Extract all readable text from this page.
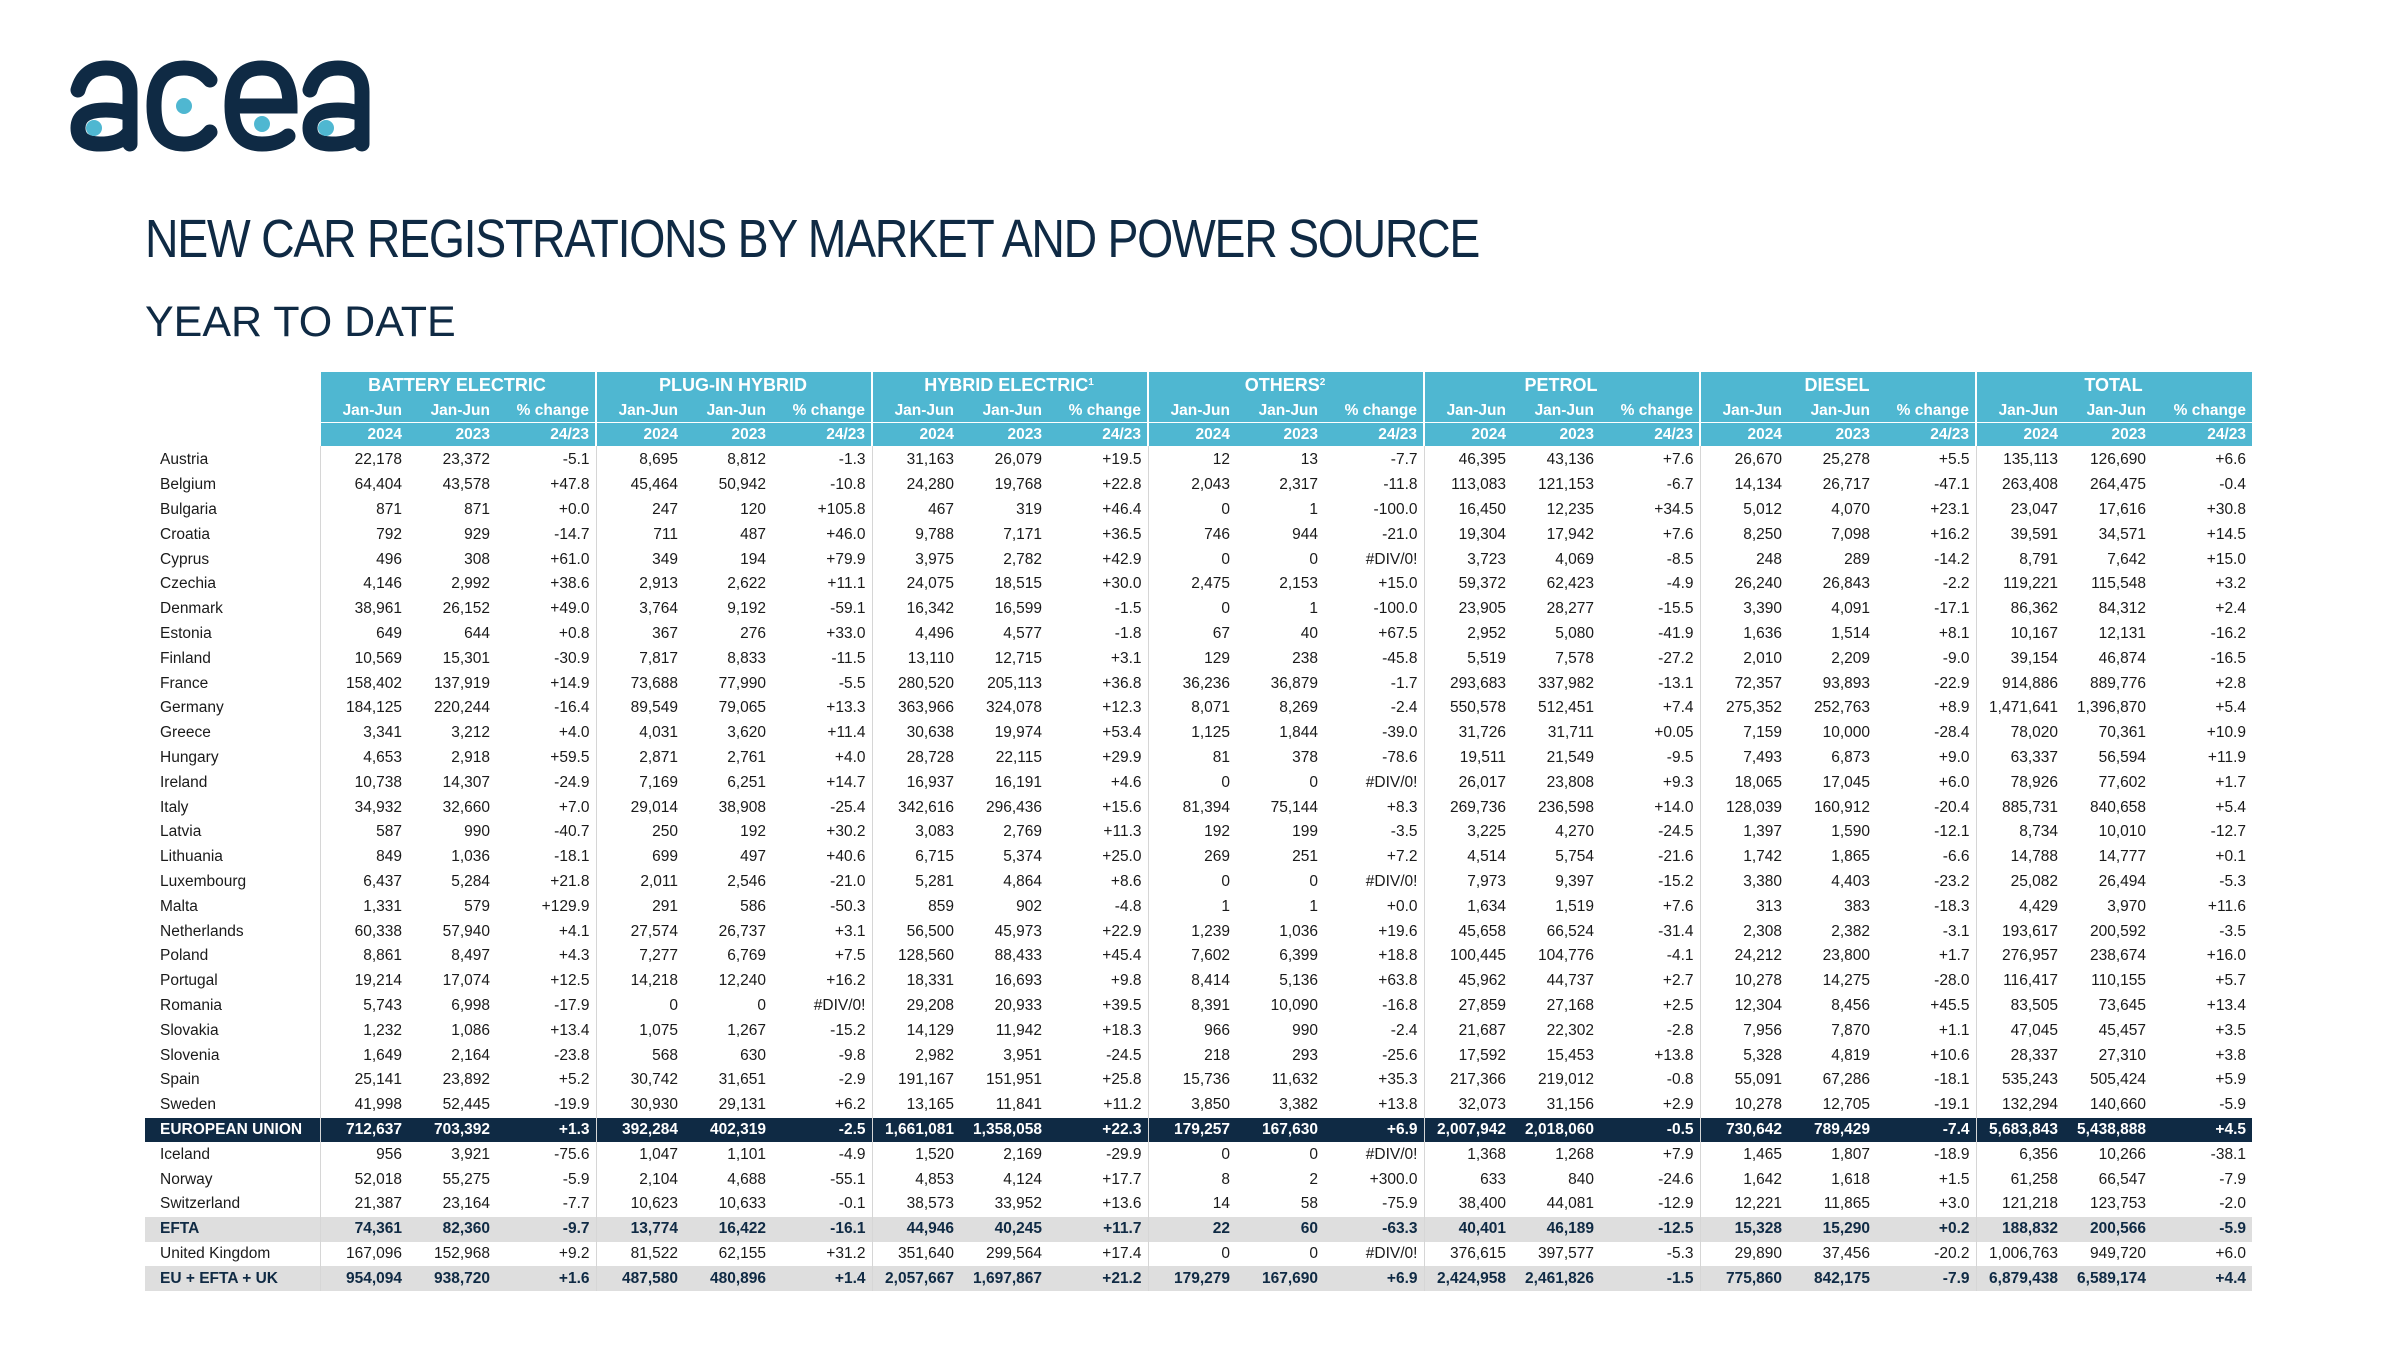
NEW CAR REGISTRATIONS BY MARKET AND POWER SOURCE
YEAR TO DATE
	BATTERY ELECTRIC			PLUG-IN HYBRID			HYBRID ELECTRIC$^1$			OTHERS$^2$			PETROL			DIESEL			TOTAL		
	Jan-Jun	Jan-Jun	% change	Jan-Jun	Jan-Jun	% change	Jan-Jun	Jan-Jun	% change	Jan-Jun	Jan-Jun	% change	Jan-Jun	Jan-Jun	% change	Jan-Jun	Jan-Jun	% change	Jan-Jun	Jan-Jun	% change
	2024	2023	24/23	2024	2023	24/23	2024	2023	24/23	2024	2023	24/23	2024	2023	24/23	2024	2023	24/23	2024	2023	24/23
Austria	22,178	23,372	-5.1	8,695	8,812	-1.3	31,163	26,079	+19.5	12	13	-7.7	46,395	43,136	+7.6	26,670	25,278	+5.5	135,113	126,690	+6.6
Belgium	64,404	43,578	+47.8	45,464	50,942	-10.8	24,280	19,768	+22.8	2,043	2,317	-11.8	113,083	121,153	-6.7	14,134	26,717	-47.1	263,408	264,475	-0.4
Bulgaria	871	871	+0.0	247	120	+105.8	467	319	+46.4	0	1	-100.0	16,450	12,235	+34.5	5,012	4,070	+23.1	23,047	17,616	+30.8
Croatia	792	929	-14.7	711	487	+46.0	9,788	7,171	+36.5	746	944	-21.0	19,304	17,942	+7.6	8,250	7,098	+16.2	39,591	34,571	+14.5
Cyprus	496	308	+61.0	349	194	+79.9	3,975	2,782	+42.9	0	0	#DIV/0!	3,723	4,069	-8.5	248	289	-14.2	8,791	7,642	+15.0
Czechia	4,146	2,992	+38.6	2,913	2,622	+11.1	24,075	18,515	+30.0	2,475	2,153	+15.0	59,372	62,423	-4.9	26,240	26,843	-2.2	119,221	115,548	+3.2
Denmark	38,961	26,152	+49.0	3,764	9,192	-59.1	16,342	16,599	-1.5	0	1	-100.0	23,905	28,277	-15.5	3,390	4,091	-17.1	86,362	84,312	+2.4
Estonia	649	644	+0.8	367	276	+33.0	4,496	4,577	-1.8	67	40	+67.5	2,952	5,080	-41.9	1,636	1,514	+8.1	10,167	12,131	-16.2
Finland	10,569	15,301	-30.9	7,817	8,833	-11.5	13,110	12,715	+3.1	129	238	-45.8	5,519	7,578	-27.2	2,010	2,209	-9.0	39,154	46,874	-16.5
France	158,402	137,919	+14.9	73,688	77,990	-5.5	280,520	205,113	+36.8	36,236	36,879	-1.7	293,683	337,982	-13.1	72,357	93,893	-22.9	914,886	889,776	+2.8
Germany	184,125	220,244	-16.4	89,549	79,065	+13.3	363,966	324,078	+12.3	8,071	8,269	-2.4	550,578	512,451	+7.4	275,352	252,763	+8.9	1,471,641	1,396,870	+5.4
Greece	3,341	3,212	+4.0	4,031	3,620	+11.4	30,638	19,974	+53.4	1,125	1,844	-39.0	31,726	31,711	+0.05	7,159	10,000	-28.4	78,020	70,361	+10.9
Hungary	4,653	2,918	+59.5	2,871	2,761	+4.0	28,728	22,115	+29.9	81	378	-78.6	19,511	21,549	-9.5	7,493	6,873	+9.0	63,337	56,594	+11.9
Ireland	10,738	14,307	-24.9	7,169	6,251	+14.7	16,937	16,191	+4.6	0	0	#DIV/0!	26,017	23,808	+9.3	18,065	17,045	+6.0	78,926	77,602	+1.7
Italy	34,932	32,660	+7.0	29,014	38,908	-25.4	342,616	296,436	+15.6	81,394	75,144	+8.3	269,736	236,598	+14.0	128,039	160,912	-20.4	885,731	840,658	+5.4
Latvia	587	990	-40.7	250	192	+30.2	3,083	2,769	+11.3	192	199	-3.5	3,225	4,270	-24.5	1,397	1,590	-12.1	8,734	10,010	-12.7
Lithuania	849	1,036	-18.1	699	497	+40.6	6,715	5,374	+25.0	269	251	+7.2	4,514	5,754	-21.6	1,742	1,865	-6.6	14,788	14,777	+0.1
Luxembourg	6,437	5,284	+21.8	2,011	2,546	-21.0	5,281	4,864	+8.6	0	0	#DIV/0!	7,973	9,397	-15.2	3,380	4,403	-23.2	25,082	26,494	-5.3
Malta	1,331	579	+129.9	291	586	-50.3	859	902	-4.8	1	1	+0.0	1,634	1,519	+7.6	313	383	-18.3	4,429	3,970	+11.6
Netherlands	60,338	57,940	+4.1	27,574	26,737	+3.1	56,500	45,973	+22.9	1,239	1,036	+19.6	45,658	66,524	-31.4	2,308	2,382	-3.1	193,617	200,592	-3.5
Poland	8,861	8,497	+4.3	7,277	6,769	+7.5	128,560	88,433	+45.4	7,602	6,399	+18.8	100,445	104,776	-4.1	24,212	23,800	+1.7	276,957	238,674	+16.0
Portugal	19,214	17,074	+12.5	14,218	12,240	+16.2	18,331	16,693	+9.8	8,414	5,136	+63.8	45,962	44,737	+2.7	10,278	14,275	-28.0	116,417	110,155	+5.7
Romania	5,743	6,998	-17.9	0	0	#DIV/0!	29,208	20,933	+39.5	8,391	10,090	-16.8	27,859	27,168	+2.5	12,304	8,456	+45.5	83,505	73,645	+13.4
Slovakia	1,232	1,086	+13.4	1,075	1,267	-15.2	14,129	11,942	+18.3	966	990	-2.4	21,687	22,302	-2.8	7,956	7,870	+1.1	47,045	45,457	+3.5
Slovenia	1,649	2,164	-23.8	568	630	-9.8	2,982	3,951	-24.5	218	293	-25.6	17,592	15,453	+13.8	5,328	4,819	+10.6	28,337	27,310	+3.8
Spain	25,141	23,892	+5.2	30,742	31,651	-2.9	191,167	151,951	+25.8	15,736	11,632	+35.3	217,366	219,012	-0.8	55,091	67,286	-18.1	535,243	505,424	+5.9
Sweden	41,998	52,445	-19.9	30,930	29,131	+6.2	13,165	11,841	+11.2	3,850	3,382	+13.8	32,073	31,156	+2.9	10,278	12,705	-19.1	132,294	140,660	-5.9
EUROPEAN UNION	712,637	703,392	+1.3	392,284	402,319	-2.5	1,661,081	1,358,058	+22.3	179,257	167,630	+6.9	2,007,942	2,018,060	-0.5	730,642	789,429	-7.4	5,683,843	5,438,888	+4.5
Iceland	956	3,921	-75.6	1,047	1,101	-4.9	1,520	2,169	-29.9	0	0	#DIV/0!	1,368	1,268	+7.9	1,465	1,807	-18.9	6,356	10,266	-38.1
Norway	52,018	55,275	-5.9	2,104	4,688	-55.1	4,853	4,124	+17.7	8	2	+300.0	633	840	-24.6	1,642	1,618	+1.5	61,258	66,547	-7.9
Switzerland	21,387	23,164	-7.7	10,623	10,633	-0.1	38,573	33,952	+13.6	14	58	-75.9	38,400	44,081	-12.9	12,221	11,865	+3.0	121,218	123,753	-2.0
EFTA	74,361	82,360	-9.7	13,774	16,422	-16.1	44,946	40,245	+11.7	22	60	-63.3	40,401	46,189	-12.5	15,328	15,290	+0.2	188,832	200,566	-5.9
United Kingdom	167,096	152,968	+9.2	81,522	62,155	+31.2	351,640	299,564	+17.4	0	0	#DIV/0!	376,615	397,577	-5.3	29,890	37,456	-20.2	1,006,763	949,720	+6.0
EU + EFTA + UK	954,094	938,720	+1.6	487,580	480,896	+1.4	2,057,667	1,697,867	+21.2	179,279	167,690	+6.9	2,424,958	2,461,826	-1.5	775,860	842,175	-7.9	6,879,438	6,589,174	+4.4
